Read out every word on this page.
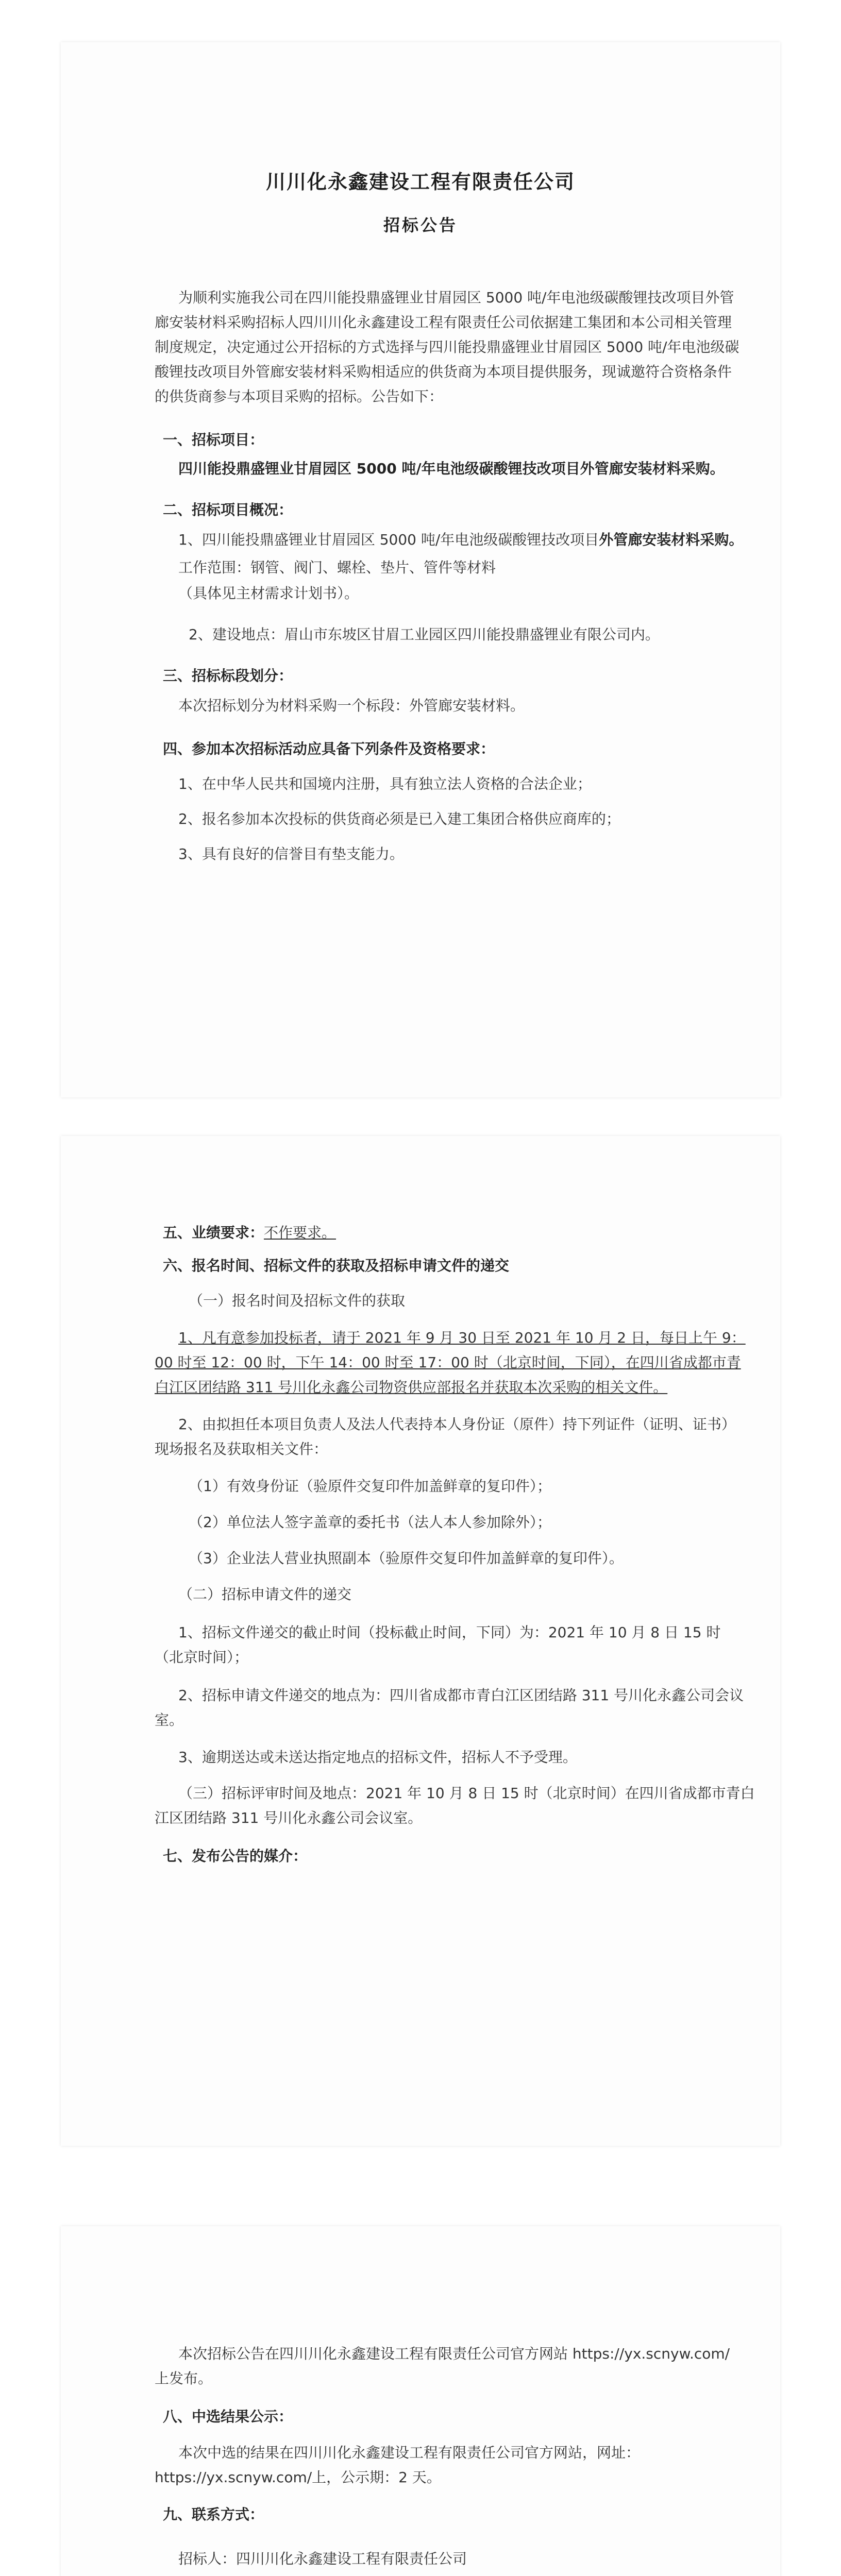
川川化永鑫建设工程有限责任公司
招标公告
为顺利实施我公司在四川能投鼎盛锂业甘眉园区 5000 吨/年电池级碳酸锂技改项目外管
廊安装材料采购招标人四川川化永鑫建设工程有限责任公司依据建工集团和本公司相关管理
制度规定，决定通过公开招标的方式选择与四川能投鼎盛锂业甘眉园区 5000 吨/年电池级碳
酸锂技改项目外管廊安装材料采购相适应的供货商为本项目提供服务，现诚邀符合资格条件
的供货商参与本项目采购的招标。公告如下：
一、招标项目：
四川能投鼎盛锂业甘眉园区 5000 吨/年电池级碳酸锂技改项目外管廊安装材料采购。
二、招标项目概况：
1、四川能投鼎盛锂业甘眉园区 5000 吨/年电池级碳酸锂技改项目外管廊安装材料采购。
工作范围：钢管、阀门、螺栓、垫片、管件等材料
（具体见主材需求计划书）。
2、建设地点：眉山市东坡区甘眉工业园区四川能投鼎盛锂业有限公司内。
三、招标标段划分：
本次招标划分为材料采购一个标段：外管廊安装材料。
四、参加本次招标活动应具备下列条件及资格要求：
1、在中华人民共和国境内注册，具有独立法人资格的合法企业；
2、报名参加本次投标的供货商必须是已入建工集团合格供应商库的；
3、具有良好的信誉目有垫支能力。
五、业绩要求：不作要求。
六、报名时间、招标文件的获取及招标申请文件的递交
（一）报名时间及招标文件的获取
1、凡有意参加投标者，请于 2021 年 9 月 30 日至 2021 年 10 月 2 日，每日上午 9：
00 时至 12：00 时，下午 14：00 时至 17：00 时（北京时间，下同），在四川省成都市青
白江区团结路 311 号川化永鑫公司物资供应部报名并获取本次采购的相关文件。
2、由拟担任本项目负责人及法人代表持本人身份证（原件）持下列证件（证明、证书）
现场报名及获取相关文件：
（1）有效身份证（验原件交复印件加盖鲜章的复印件）；
（2）单位法人签字盖章的委托书（法人本人参加除外）；
（3）企业法人营业执照副本（验原件交复印件加盖鲜章的复印件）。
（二）招标申请文件的递交
1、招标文件递交的截止时间（投标截止时间，下同）为：2021 年 10 月 8 日 15 时
（北京时间）；
2、招标申请文件递交的地点为：四川省成都市青白江区团结路 311 号川化永鑫公司会议
室。
3、逾期送达或未送达指定地点的招标文件，招标人不予受理。
（三）招标评审时间及地点：2021 年 10 月 8 日 15 时（北京时间）在四川省成都市青白
江区团结路 311 号川化永鑫公司会议室。
七、发布公告的媒介：
本次招标公告在四川川化永鑫建设工程有限责任公司官方网站 https://yx.scnyw.com/
上发布。
八、中选结果公示：
本次中选的结果在四川川化永鑫建设工程有限责任公司官方网站，网址：
https://yx.scnyw.com/上，公示期：2 天。
九、联系方式：
招标人：四川川化永鑫建设工程有限责任公司
